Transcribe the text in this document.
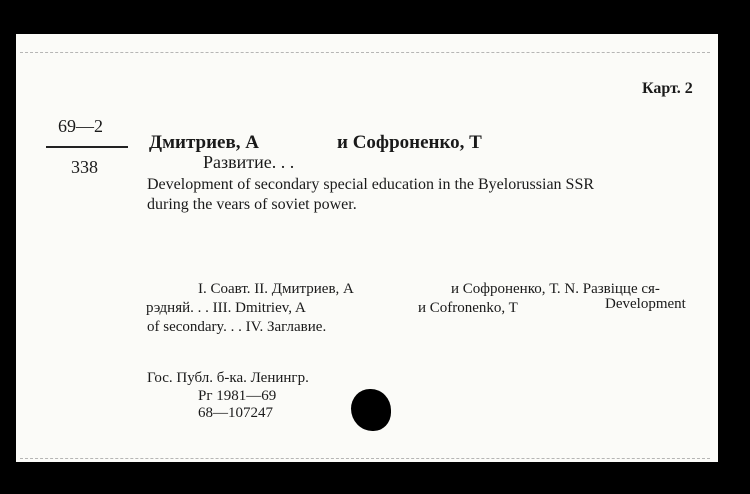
Карт. 2
69—2
338
Дмитриев, А	и Софроненко, Т
Развитие. . .
Development of secondary special education in the Byelorussian SSR
during the vears of soviet power.
I. Соавт. II. Дмитриев, А	и Софроненко, Т. N. Развіцце ся-
рэдняй. . . III. Dmitriev, A	и Cofronenko, T	Development
of secondary. . . IV. Заглавие.
Гос. Публ. б-ка. Ленингр.
Рг 1981—69
68—107247
